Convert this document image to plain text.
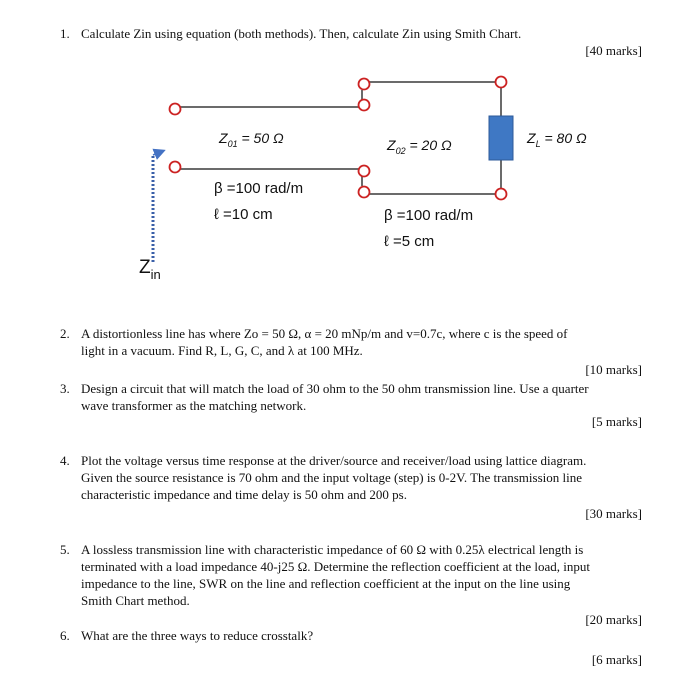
1. Calculate Zin using equation (both methods). Then, calculate Zin using Smith Chart.
[40 marks]
$Z_{01} = 50$ Ω	$Z_{02} = 20$ Ω	$Z_L = 80$ Ω
β =100 rad/m
ℓ =10 cm	β =100 rad/m
ℓ =5 cm
$Z_{in}$
2. A distortionless line has where Zo = 50 Ω, α = 20 mNp/m and v=0.7c, where c is the speed of
light in a vacuum. Find R, L, G, C, and λ at 100 MHz.
[10 marks]
3. Design a circuit that will match the load of 30 ohm to the 50 ohm transmission line. Use a quarter
wave transformer as the matching network.
[5 marks]
4. Plot the voltage versus time response at the driver/source and receiver/load using lattice diagram.
Given the source resistance is 70 ohm and the input voltage (step) is 0-2V. The transmission line
characteristic impedance and time delay is 50 ohm and 200 ps.
[30 marks]
5. A lossless transmission line with characteristic impedance of 60 Ω with 0.25λ electrical length is
terminated with a load impedance 40-j25 Ω. Determine the reflection coefficient at the load, input
impedance to the line, SWR on the line and reflection coefficient at the input on the line using
Smith Chart method.
[20 marks]
6. What are the three ways to reduce crosstalk?
[6 marks]
